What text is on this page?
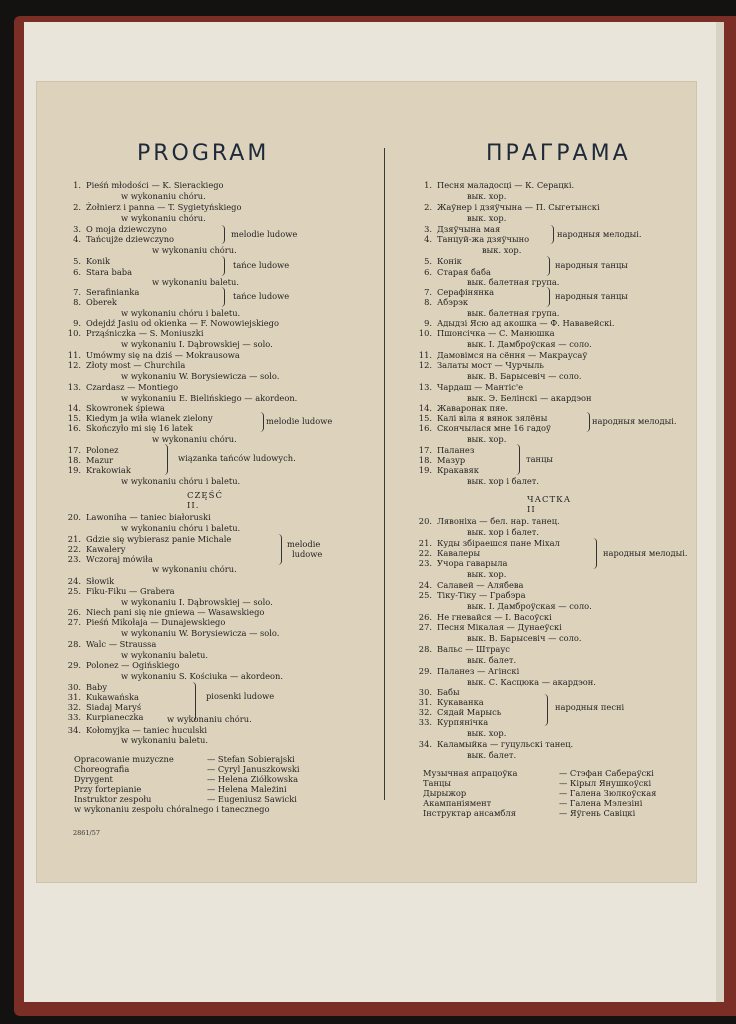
PROGRAM
1. Pieśń młodości — K. Sierackiego
w wykonaniu chóru.
2. Żołnierz i panna — T. Sygietyńskiego
w wykonaniu chóru.
3. O moja dziewczyno
4. Tańcujże dziewczyno	melodie ludowe
w wykonaniu chóru.
5. Konik
6. Stara baba
tańce ludowe
w wykonaniu baletu.
7. Serafinianka
8. Oberek
tańce ludowe
w wykonaniu chóru i baletu.
9. Odejdź Jasiu od okienka — F. Nowowiejskiego
10. Prząśniczka — S. Moniuszki
w wykonaniu I. Dąbrowskiej — solo.
11. Umówmy się na dziś — Mokrausowa
12. Złoty most — Churchila
w wykonaniu W. Borysiewicza — solo.
13. Czardasz — Montiego
w wykonaniu E. Bielińskiego — akordeon.
14. Skowronek śpiewa
15. Kiedym ja wiła wianek zielony
16. Skończyło mi się 16 latek
melodie ludowe
w wykonaniu chóru.
17. Polonez
18. Mazur
19. Krakowiak
wiązanka tańców ludowych.
w wykonaniu chóru i baletu.
CZĘŚĆ II.
20. Lawoniha — taniec białoruski
w wykonaniu chóru i baletu.
21. Gdzie się wybierasz panie Michale
22. Kawalery
23. Wczoraj mówiła
melodie
ludowe
w wykonaniu chóru.
24. Słowik
25. Fiku-Fiku — Grabera
w wykonaniu I. Dąbrowskiej — solo.
26. Niech pani się nie gniewa — Wasawskiego
27. Pieśń Mikołaja — Dunajewskiego
w wykonaniu W. Borysiewicza — solo.
28. Walc — Straussa
w wykonaniu baletu.
29. Polonez — Ogińskiego
w wykonaniu S. Kościuka — akordeon.
30. Baby
31. Kukawańska
32. Siadaj Maryś
33. Kurpianeczka
piosenki ludowe
w wykonaniu chóru.
34. Kołomyjka — taniec huculski
w wykonaniu baletu.
Opracowanie muzyczne	— Stefan Sobierajski
Choreografia	— Cyryl Januszkowski
Dyrygent	— Helena Ziółkowska
Przy fortepianie	— Helena Mależini
Instruktor zespołu	— Eugeniusz Sawicki
w wykonaniu zespołu chóralnego i tanecznego
2861/57
ПРАГРАМА
1. Песня маладосці — К. Серацкі.
вык. хор.
2. Жаўнер і дзяўчына — П. Сыгетынскі
вык. хор.
3. Дзяўчына мая
4. Танцуй-жа дзяўчыно	народныя мелодыі.
вык. хор.
5. Конік
6. Старая баба
народныя танцы
вык. балетная група.
7. Серафінянка
8. Абэрэк
народныя танцы
вык. балетная група.
9. Адыдзі Ясю ад акошка — Ф. Нававейскі.
10. Пшонсічка — С. Манюшка
вык. І. Дамброўская — соло.
11. Дамовімся на сёння — Макраусаў
12. Залаты мост — Чурчыль
вык. В. Барысевіч — соло.
13. Чардаш — Мантіс'е
вык. Э. Белінскі — акардэон
14. Жаваронак пяе.
15. Калі віла я вянок зялёны
16. Скончылася мне 16 гадоў
народныя мелодыі.
вык. хор.
17. Паланез
18. Мазур
19. Кракавяк
танцы
вык. хор і балет.
ЧАСТКА II
20. Лявоніха — бел. нар. танец.
вык. хор і балет.
21. Куды збіраешся пане Міхал
22. Кавалеры
23. Учора гаварыла
народныя мелодыі.
вык. хор.
24. Салавей — Алябева
25. Тіку-Тіку — Грабэра
вык. І. Дамброўская — соло.
26. Не гневайся — І. Васоўскі
27. Песня Мікалая — Дунаеўскі
вык. В. Барысевіч — соло.
28. Вальс — Штраус
вык. балет.
29. Паланез — Агінскі
вык. С. Касцюка — акардэон.
30. Бабы
31. Кукаванка
32. Сядай Марысь
33. Курпянічка
народныя песні
вык. хор.
34. Каламыйка — гуцульскі танец.
вык. балет.
Музычная апрацоўка	— Стэфан Сабераўскі
Танцы	— Кірыл Янушкоўскі
Дырыжор	— Галена Зюлкоўская
Акампаніямент	— Галена Мэлезіні
Інструктар ансамбля	— Яўгень Савіцкі
